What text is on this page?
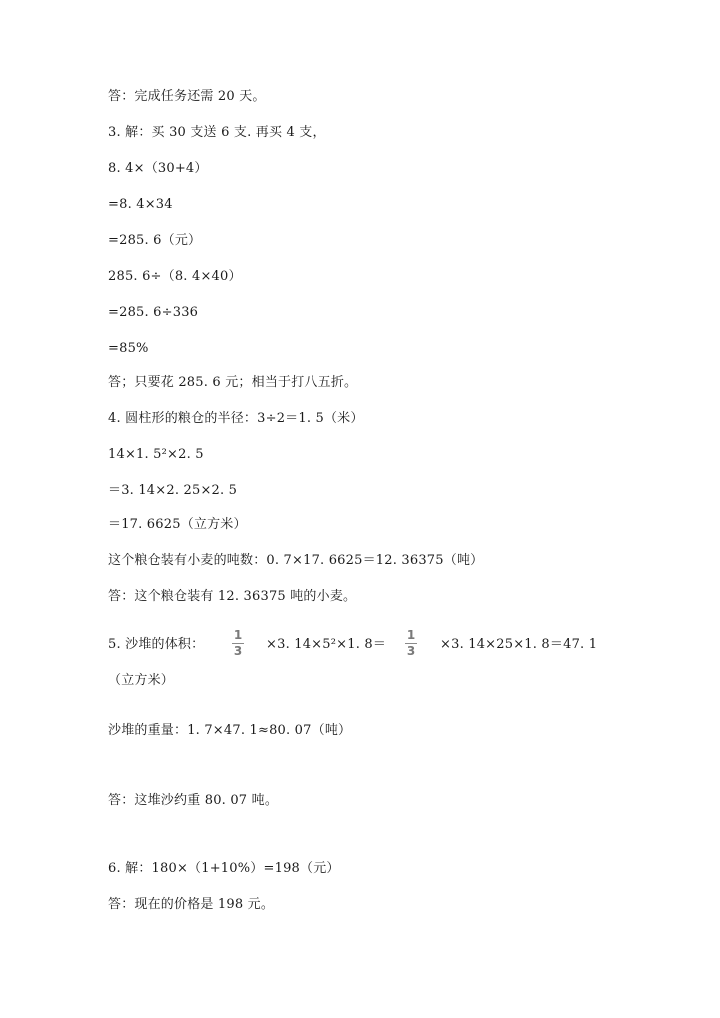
答：完成任务还需 20 天。
3. 解：买 30 支送 6 支. 再买 4 支，
8. 4×（30+4）
=8. 4×34
=285. 6（元）
285. 6÷（8. 4×40）
=285. 6÷336
=85%
答；只要花 285. 6 元；相当于打八五折。
4. 圆柱形的粮仓的半径：3÷2＝1. 5（米）
14×1. 5²×2. 5
＝3. 14×2. 25×2. 5
＝17. 6625（立方米）
这个粮仓装有小麦的吨数：0. 7×17. 6625＝12. 36375（吨）
答：这个粮仓装有 12. 36375 吨的小麦。
5. 沙堆的体积：
1
3 ×3. 14×5²×1. 8＝
1
3 ×3. 14×25×1. 8＝47. 1
（立方米）
沙堆的重量：1. 7×47. 1≈80. 07（吨）
答：这堆沙约重 80. 07 吨。
6. 解：180×（1+10%）=198（元）
答：现在的价格是 198 元。
